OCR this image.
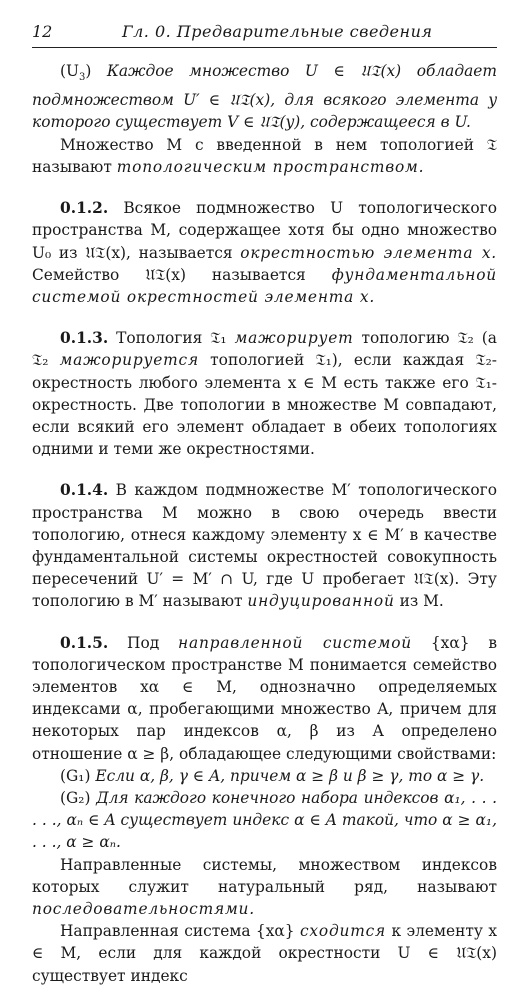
12	Гл. 0. Предварительные сведения

$(U_3)$ Каждое множество U ∈ 𝔘𝔗(x) обладает подмножеством U′ ∈ 𝔘𝔗(x), для всякого элемента y которого существует V ∈ 𝔘𝔗(y), содержащееся в U.

Множество M с введенной в нем топологией 𝔗 называют топологическим пространством.

0.1.2. Всякое подмножество U топологического пространства M, содержащее хотя бы одно множество U₀ из 𝔘𝔗(x), называется окрестностью элемента x. Семейство 𝔘𝔗(x) называется фундаментальной системой окрестностей элемента x.

0.1.3. Топология 𝔗₁ мажорирует топологию 𝔗₂ (а 𝔗₂ мажорируется топологией 𝔗₁), если каждая 𝔗₂-окрестность любого элемента x ∈ M есть также его 𝔗₁-окрестность. Две топологии в множестве M совпадают, если всякий его элемент обладает в обеих топологиях одними и теми же окрестностями.

0.1.4. В каждом подмножестве M′ топологического пространства M можно в свою очередь ввести топологию, отнеся каждому элементу x ∈ M′ в качестве фундаментальной системы окрестностей совокупность пересечений U′ = M′ ∩ U, где U пробегает 𝔘𝔗(x). Эту топологию в M′ называют индуцированной из M.

0.1.5. Под направленной системой {xα} в топологическом пространстве M понимается семейство элементов xα ∈ M, однозначно определяемых индексами α, пробегающими множество A, причем для некоторых пар индексов α, β из A определено отношение α ≥ β, обладающее следующими свойствами:

(G₁) Если α, β, γ ∈ A, причем α ≥ β и β ≥ γ, то α ≥ γ.

(G₂) Для каждого конечного набора индексов α₁, . . . . . ., αₙ ∈ A существует индекс α ∈ A такой, что α ≥ α₁, . . ., α ≥ αₙ.

Направленные системы, множеством индексов которых служит натуральный ряд, называют последовательностями.

Направленная система {xα} сходится к элементу x ∈ M, если для каждой окрестности U ∈ 𝔘𝔗(x) существует индекс
